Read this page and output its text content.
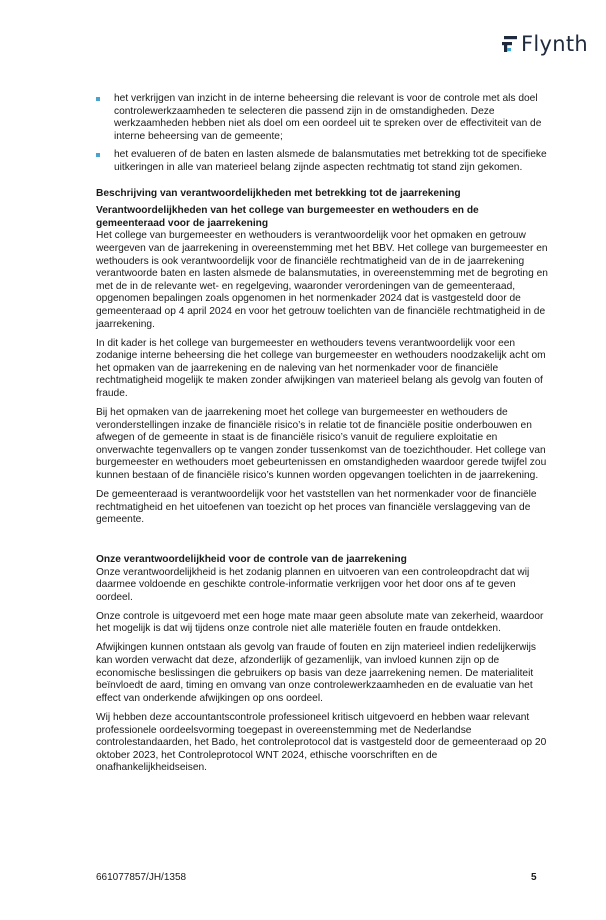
Flynth
het verkrijgen van inzicht in de interne beheersing die relevant is voor de controle met als doel controlewerkzaamheden te selecteren die passend zijn in de omstandigheden. Deze werkzaamheden hebben niet als doel om een oordeel uit te spreken over de effectiviteit van de interne beheersing van de gemeente;
het evalueren of de baten en lasten alsmede de balansmutaties met betrekking tot de specifieke uitkeringen in alle van materieel belang zijnde aspecten rechtmatig tot stand zijn gekomen.

Beschrijving van verantwoordelijkheden met betrekking tot de jaarrekening

Verantwoordelijkheden van het college van burgemeester en wethouders en de gemeenteraad voor de jaarrekening

Het college van burgemeester en wethouders is verantwoordelijk voor het opmaken en getrouw weergeven van de jaarrekening in overeenstemming met het BBV. Het college van burgemeester en wethouders is ook verantwoordelijk voor de financiële rechtmatigheid van de in de jaarrekening verantwoorde baten en lasten alsmede de balansmutaties, in overeenstemming met de begroting en met de in de relevante wet- en regelgeving, waaronder verordeningen van de gemeenteraad, opgenomen bepalingen zoals opgenomen in het normenkader 2024 dat is vastgesteld door de gemeenteraad op 4 april 2024 en voor het getrouw toelichten van de financiële rechtmatigheid in de jaarrekening.

In dit kader is het college van burgemeester en wethouders tevens verantwoordelijk voor een zodanige interne beheersing die het college van burgemeester en wethouders noodzakelijk acht om het opmaken van de jaarrekening en de naleving van het normenkader voor de financiële rechtmatigheid mogelijk te maken zonder afwijkingen van materieel belang als gevolg van fouten of fraude.

Bij het opmaken van de jaarrekening moet het college van burgemeester en wethouders de veronderstellingen inzake de financiële risico’s in relatie tot de financiële positie onderbouwen en afwegen of de gemeente in staat is de financiële risico’s vanuit de reguliere exploitatie en onverwachte tegenvallers op te vangen zonder tussenkomst van de toezichthouder. Het college van burgemeester en wethouders moet gebeurtenissen en omstandigheden waardoor gerede twijfel zou kunnen bestaan of de financiële risico’s kunnen worden opgevangen toelichten in de jaarrekening.

De gemeenteraad is verantwoordelijk voor het vaststellen van het normenkader voor de financiële rechtmatigheid en het uitoefenen van toezicht op het proces van financiële verslaggeving van de gemeente.

Onze verantwoordelijkheid voor de controle van de jaarrekening

Onze verantwoordelijkheid is het zodanig plannen en uitvoeren van een controleopdracht dat wij daarmee voldoende en geschikte controle-informatie verkrijgen voor het door ons af te geven oordeel.

Onze controle is uitgevoerd met een hoge mate maar geen absolute mate van zekerheid, waardoor het mogelijk is dat wij tijdens onze controle niet alle materiële fouten en fraude ontdekken.

Afwijkingen kunnen ontstaan als gevolg van fraude of fouten en zijn materieel indien redelijkerwijs kan worden verwacht dat deze, afzonderlijk of gezamenlijk, van invloed kunnen zijn op de economische beslissingen die gebruikers op basis van deze jaarrekening nemen. De materialiteit beïnvloedt de aard, timing en omvang van onze controlewerkzaamheden en de evaluatie van het effect van onderkende afwijkingen op ons oordeel.

Wij hebben deze accountantscontrole professioneel kritisch uitgevoerd en hebben waar relevant professionele oordeelsvorming toegepast in overeenstemming met de Nederlandse controlestandaarden, het Bado, het controleprotocol dat is vastgesteld door de gemeenteraad op 20 oktober 2023, het Controleprotocol WNT 2024, ethische voorschriften en de onafhankelijkheidseisen.

661077857/JH/1358	5
